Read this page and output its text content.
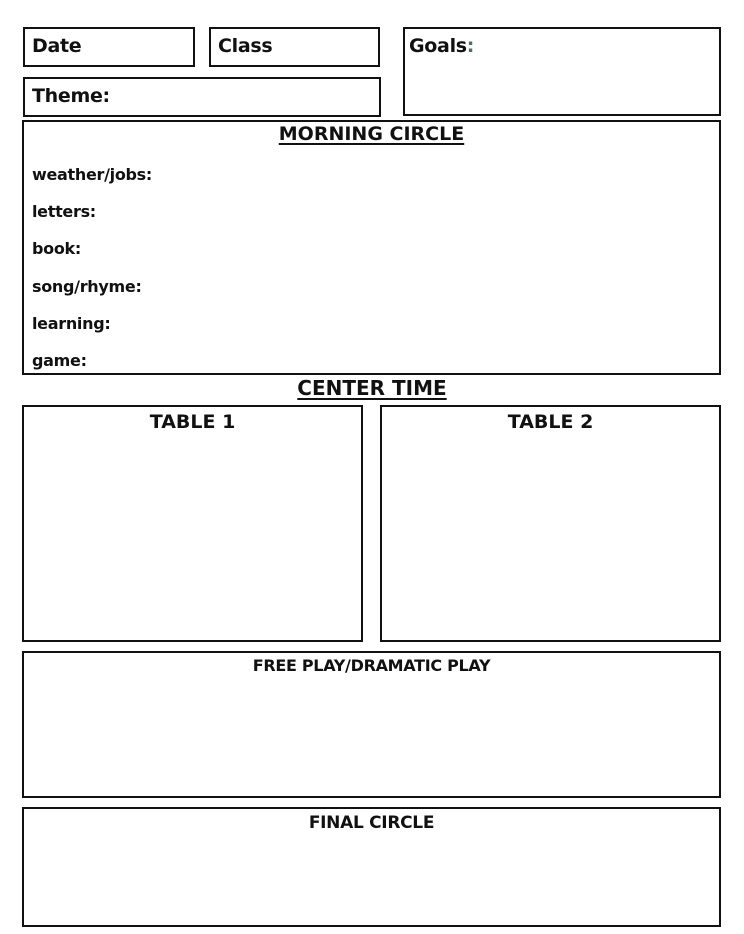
Date	Class	Goals:
Theme:
MORNING CIRCLE
weather/jobs:
letters:
book:
song/rhyme:
learning:
game:
CENTER TIME
TABLE 1	TABLE 2
FREE PLAY/DRAMATIC PLAY
FINAL CIRCLE
